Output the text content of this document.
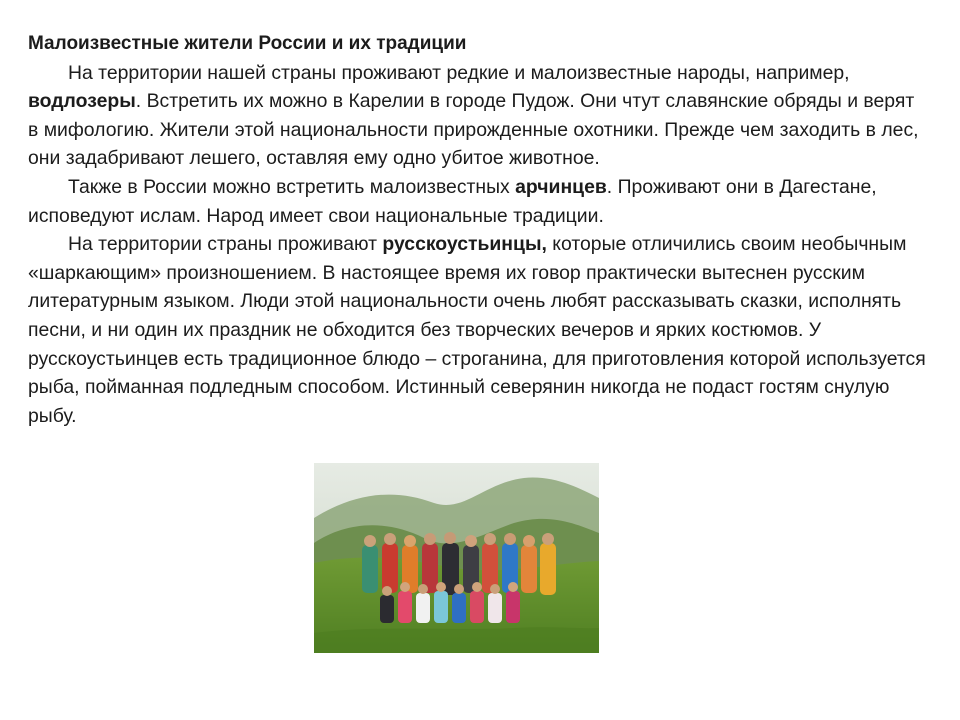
Малоизвестные жители России и их традиции

На территории нашей страны проживают редкие и малоизвестные народы, например, водлозеры. Встретить их можно в Карелии в городе Пудож. Они чтут славянские обряды и верят в мифологию. Жители этой национальности прирожденные охотники. Прежде чем заходить в лес, они задабривают лешего, оставляя ему одно убитое животное.

Также в России можно встретить малоизвестных арчинцев. Проживают они в Дагестане, исповедуют ислам. Народ имеет свои национальные традиции.

На территории страны проживают русскоустьинцы, которые отличились своим необычным «шаркающим» произношением. В настоящее время их говор практически вытеснен русским литературным языком. Люди этой национальности очень любят рассказывать сказки, исполнять песни, и ни один их праздник не обходится без творческих вечеров и ярких костюмов. У русскоустьинцев есть традиционное блюдо – строганина, для приготовления которой используется рыба, пойманная подледным способом. Истинный северянин никогда не подаст гостям снулую рыбу.
